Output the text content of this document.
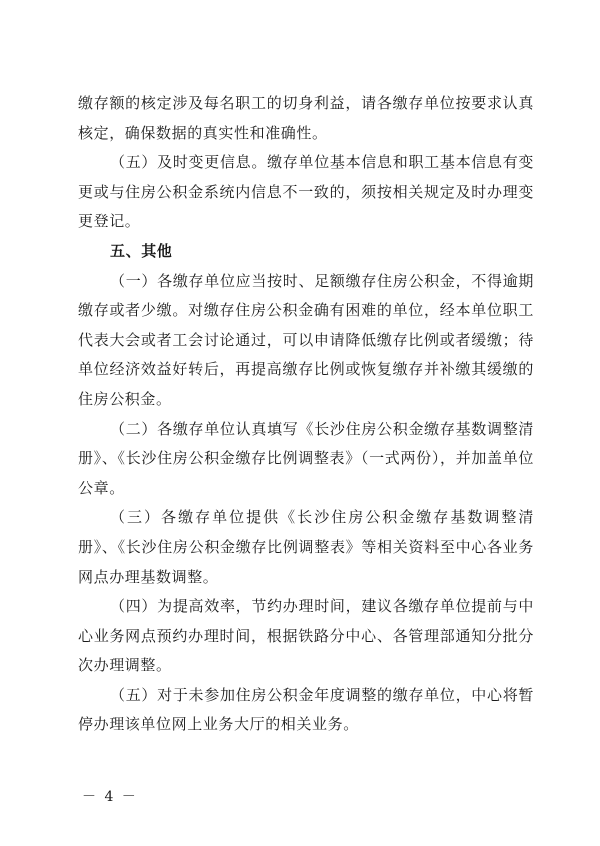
缴存额的核定涉及每名职工的切身利益，请各缴存单位按要求认真核定，确保数据的真实性和准确性。

（五）及时变更信息。缴存单位基本信息和职工基本信息有变更或与住房公积金系统内信息不一致的，须按相关规定及时办理变更登记。

五、其他

（一）各缴存单位应当按时、足额缴存住房公积金，不得逾期缴存或者少缴。对缴存住房公积金确有困难的单位，经本单位职工代表大会或者工会讨论通过，可以申请降低缴存比例或者缓缴；待单位经济效益好转后，再提高缴存比例或恢复缴存并补缴其缓缴的住房公积金。

（二）各缴存单位认真填写《长沙住房公积金缴存基数调整清册》、《长沙住房公积金缴存比例调整表》（一式两份），并加盖单位公章。

（三）各缴存单位提供《长沙住房公积金缴存基数调整清册》、《长沙住房公积金缴存比例调整表》等相关资料至中心各业务网点办理基数调整。

（四）为提高效率，节约办理时间，建议各缴存单位提前与中心业务网点预约办理时间，根据铁路分中心、各管理部通知分批分次办理调整。

（五）对于未参加住房公积金年度调整的缴存单位，中心将暂停办理该单位网上业务大厅的相关业务。

－ 4 －
